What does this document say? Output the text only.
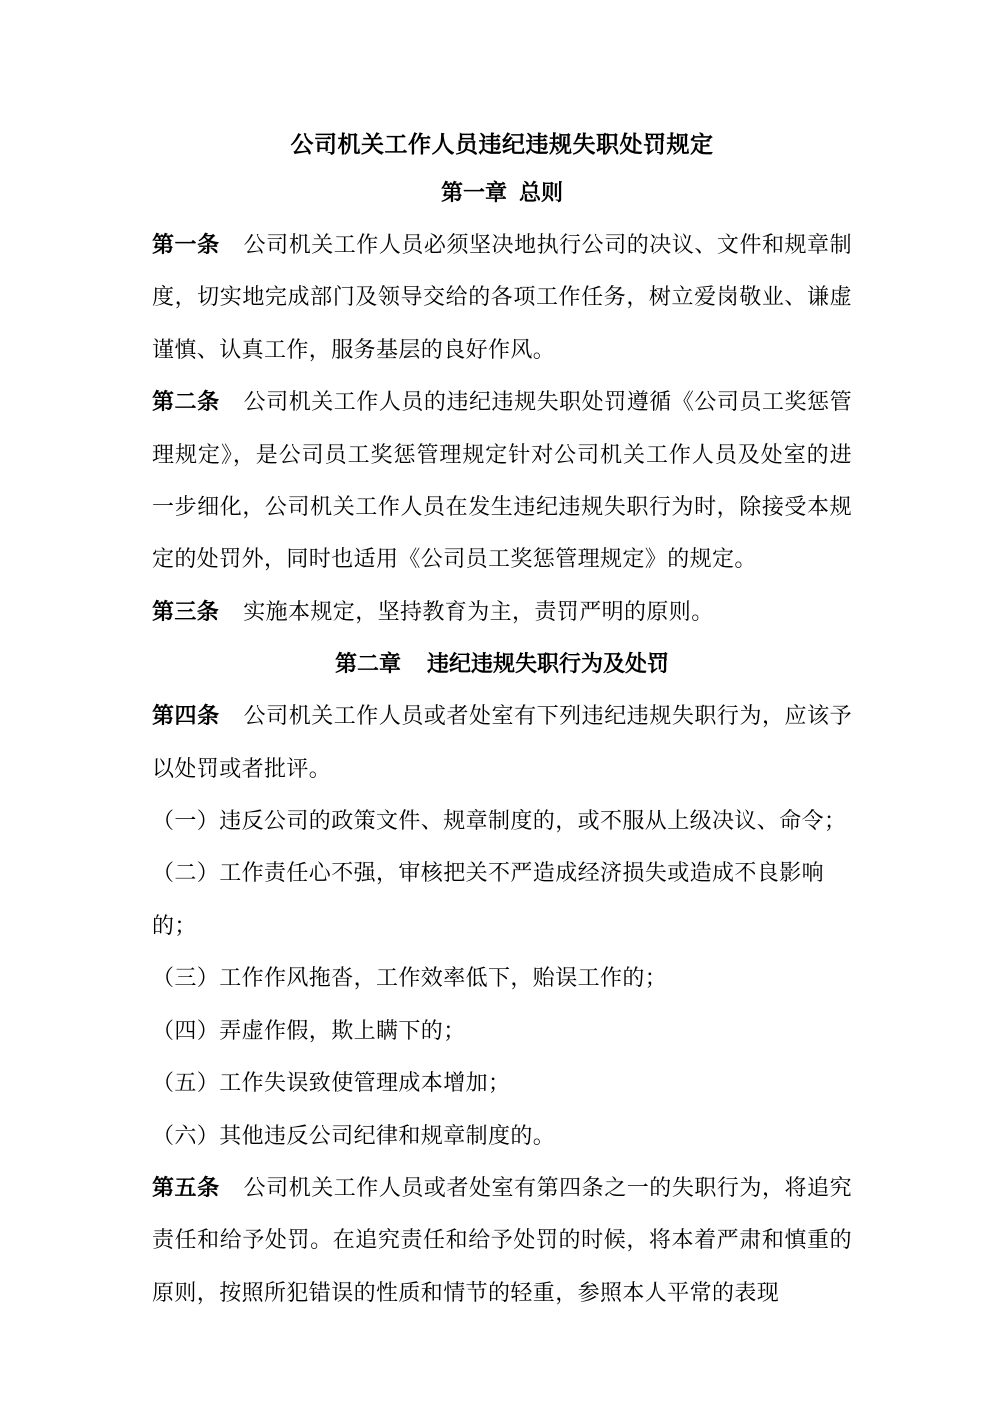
公司机关工作人员违纪违规失职处罚规定
第一章 总则

第一条 公司机关工作人员必须坚决地执行公司的决议、文件和规章制度，切实地完成部门及领导交给的各项工作任务，树立爱岗敬业、谦虚谨慎、认真工作，服务基层的良好作风。

第二条 公司机关工作人员的违纪违规失职处罚遵循《公司员工奖惩管理规定》，是公司员工奖惩管理规定针对公司机关工作人员及处室的进一步细化，公司机关工作人员在发生违纪违规失职行为时，除接受本规定的处罚外，同时也适用《公司员工奖惩管理规定》的规定。

第三条 实施本规定，坚持教育为主，责罚严明的原则。

第二章 违纪违规失职行为及处罚

第四条 公司机关工作人员或者处室有下列违纪违规失职行为，应该予以处罚或者批评。

（一）违反公司的政策文件、规章制度的，或不服从上级决议、命令；

（二）工作责任心不强，审核把关不严造成经济损失或造成不良影响的；

（三）工作作风拖沓，工作效率低下，贻误工作的；

（四）弄虚作假，欺上瞒下的；

（五）工作失误致使管理成本增加；

（六）其他违反公司纪律和规章制度的。

第五条 公司机关工作人员或者处室有第四条之一的失职行为，将追究责任和给予处罚。在追究责任和给予处罚的时候，将本着严肃和慎重的原则，按照所犯错误的性质和情节的轻重，参照本人平常的表现
